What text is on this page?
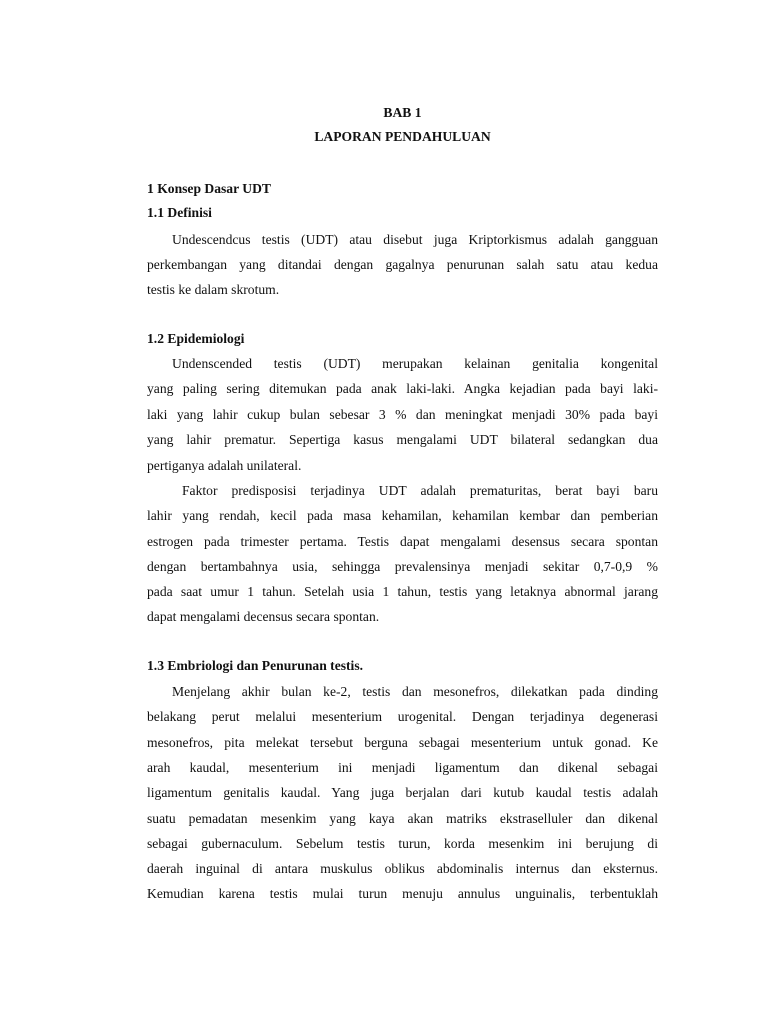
BAB 1
LAPORAN PENDAHULUAN
1 Konsep Dasar UDT
1.1 Definisi
Undescendcus testis (UDT) atau disebut juga Kriptorkismus adalah gangguan
perkembangan yang ditandai dengan gagalnya penurunan salah satu atau kedua
testis ke dalam skrotum.
1.2 Epidemiologi
Undenscended testis (UDT) merupakan kelainan genitalia kongenital
yang paling sering ditemukan pada anak laki-laki. Angka kejadian pada bayi laki-
laki yang lahir cukup bulan sebesar 3 % dan meningkat menjadi 30% pada bayi
yang lahir prematur. Sepertiga kasus mengalami UDT bilateral sedangkan dua
pertiganya adalah unilateral.
Faktor predisposisi terjadinya UDT adalah prematuritas, berat bayi baru
lahir yang rendah, kecil pada masa kehamilan, kehamilan kembar dan pemberian
estrogen pada trimester pertama. Testis dapat mengalami desensus secara spontan
dengan bertambahnya usia, sehingga prevalensinya menjadi sekitar 0,7-0,9 %
pada saat umur 1 tahun. Setelah usia 1 tahun, testis yang letaknya abnormal jarang
dapat mengalami decensus secara spontan.
1.3 Embriologi dan Penurunan testis.
Menjelang akhir bulan ke-2, testis dan mesonefros, dilekatkan pada dinding
belakang perut melalui mesenterium urogenital. Dengan terjadinya degenerasi
mesonefros, pita melekat tersebut berguna sebagai mesenterium untuk gonad. Ke
arah kaudal, mesenterium ini menjadi ligamentum dan dikenal sebagai
ligamentum genitalis kaudal. Yang juga berjalan dari kutub kaudal testis adalah
suatu pemadatan mesenkim yang kaya akan matriks ekstraselluler dan dikenal
sebagai gubernaculum. Sebelum testis turun, korda mesenkim ini berujung di
daerah inguinal di antara muskulus oblikus abdominalis internus dan eksternus.
Kemudian karena testis mulai turun menuju annulus unguinalis, terbentuklah
